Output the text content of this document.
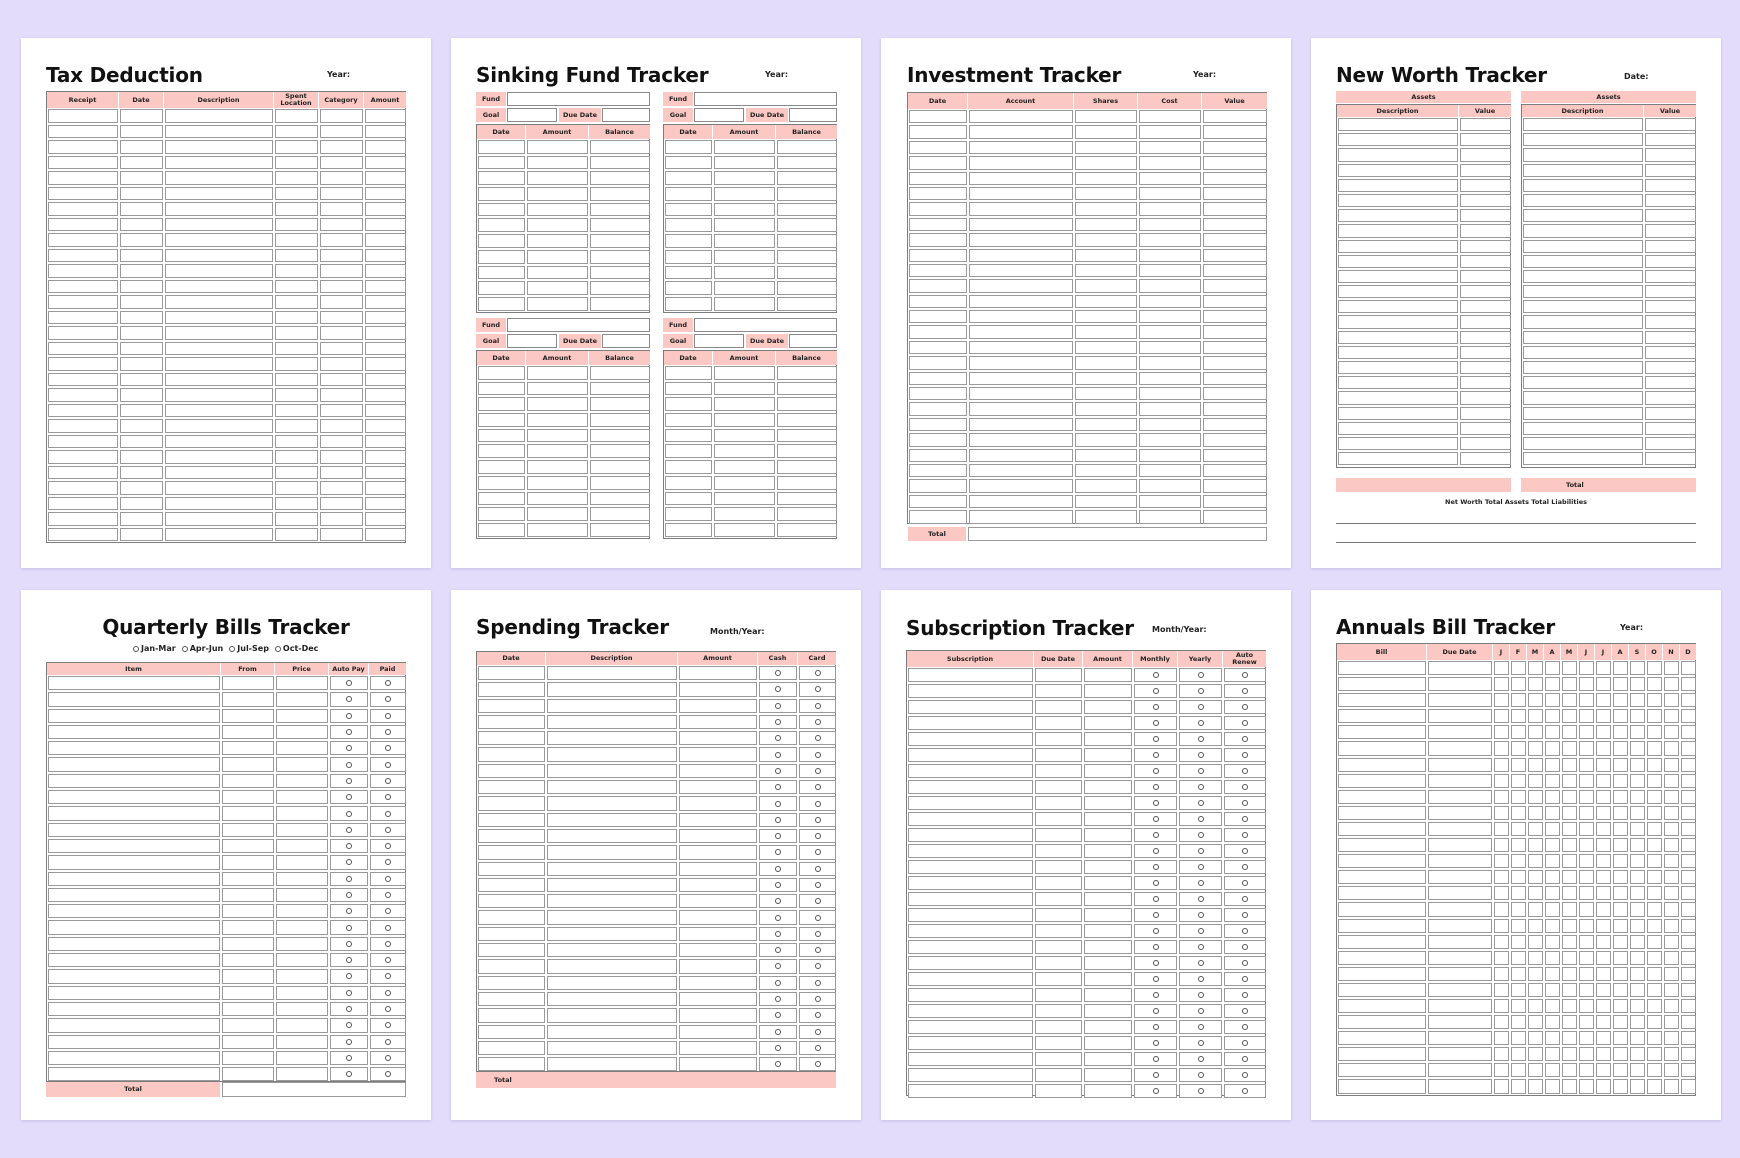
Tax Deduction	Year:
Receipt	Date	Description	Spent Location	Category	Amount
Sinking Fund Tracker	Year:
Fund
Goal	Due Date
Date	Amount	Balance
Fund
Goal	Due Date
Date	Amount	Balance
Fund
Goal	Due Date
Date	Amount	Balance
Fund
Goal	Due Date
Date	Amount	Balance
Investment Tracker	Year:
Date	Account	Shares	Cost	Value
Total
New Worth Tracker	Date:
Assets
Description	Value
Assets
Description	Value
Total
Net Worth Total Assets Total Liabilities
Quarterly Bills Tracker
Jan-Mar Apr-Jun Jul-Sep Oct-Dec
Item	From	Price	Auto Pay	Paid
Total
Spending Tracker	Month/Year:
Date	Description	Amount	Cash	Card
Total
Subscription Tracker Month/Year:
Subscription	Due Date	Amount	Monthly	Yearly	Auto Renew
Annuals Bill Tracker	Year:
Bill	Due Date	J	F	M	A	M	J	J	A	S	O	N	D
